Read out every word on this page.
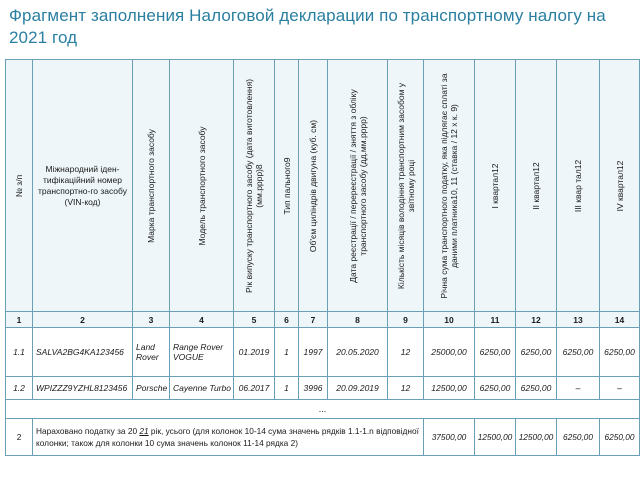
Фрагмент заполнения Налоговой декларации по транспортному налогу на 2021 год
№ з/п	Міжнародний іден-тифікаційний номер транспортно-го засобу (VIN-код)	Марка транспортного засобу	Модель транспортного засобу	Рік випуску транспортного засобу (дата виготовлення) (мм.рррр)8	Тип пального9	Об'єм циліндрів двигуна (куб. см)	Дата реєстрації / перереєстрації / зняття з обліку транспортного засобу (дд.мм.рррр)	Кількість місяців володіння транспортним засобом у звітному році	Річна сума транспортного податку, яка підлягає сплаті за даними платника10, 11 (ставка / 12 х к. 9)	I квартал12	II квартал12	III квар тал12	IV квартал12

1	2	3	4	5	6	7	8	9	10	11	12	13	14
1.1	SALVA2BG4KA123456	Land Rover	Range Rover VOGUE	01.2019	1	1997	20.05.2020	12	25000,00	6250,00	6250,00	6250,00	6250,00
1.2	WPIZZZ9YZHL8123456	Porsche	Cayenne Turbo	06.2017	1	3996	20.09.2019	12	12500,00	6250,00	6250,00	–	–
...													
2	Нараховано податку за 20 21 рік, усього (для колонок 10-14 сума значень рядків 1.1-1.n відповідної колонки; також для колонки 10 сума значень колонок 11-14 рядка 2)								37500,00	12500,00	12500,00	6250,00	6250,00
